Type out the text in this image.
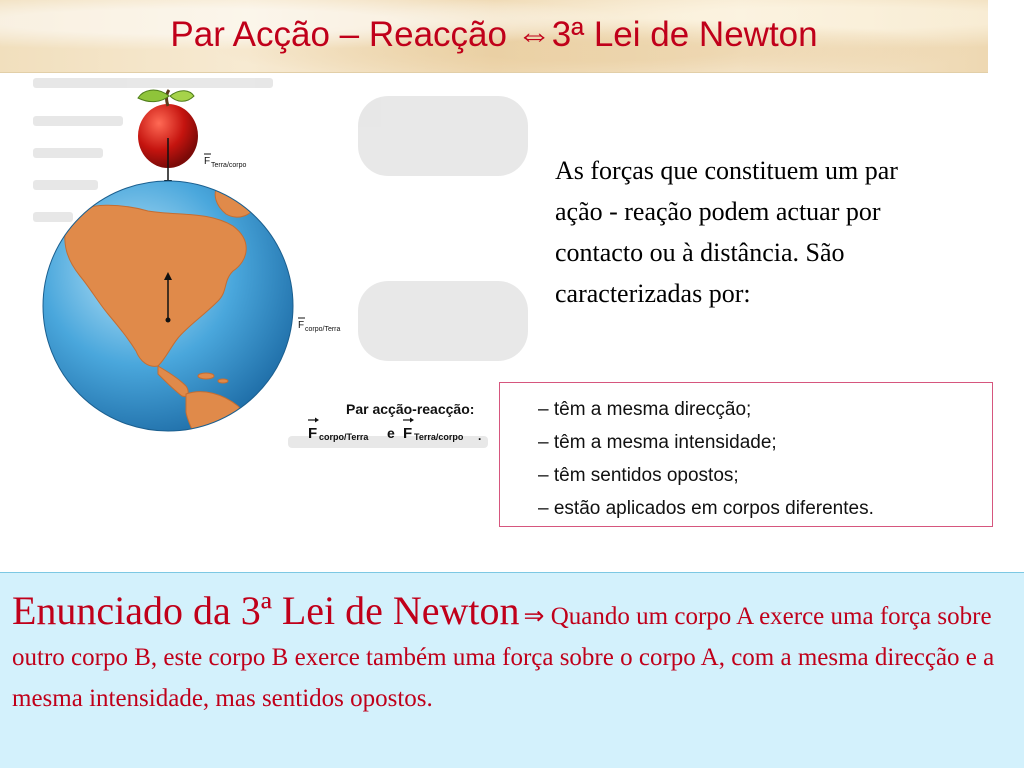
Par Acção – Reacção ⇔3ª Lei de Newton
F Terra/corpo
F corpo/Terra
Par acção-reacção:
F corpo/Terra e F Terra/corpo .
As forças que constituem um par ação - reação podem actuar por contacto ou à distância. São caracterizadas por:
– têm a mesma direcção;
– têm a mesma intensidade;
– têm sentidos opostos;
– estão aplicados em corpos diferentes.
Enunciado da 3ª Lei de Newton ⇒ Quando um corpo A exerce uma força sobre outro corpo B, este corpo B exerce também uma força sobre o corpo A, com a mesma direcção e a mesma intensidade, mas sentidos opostos.
